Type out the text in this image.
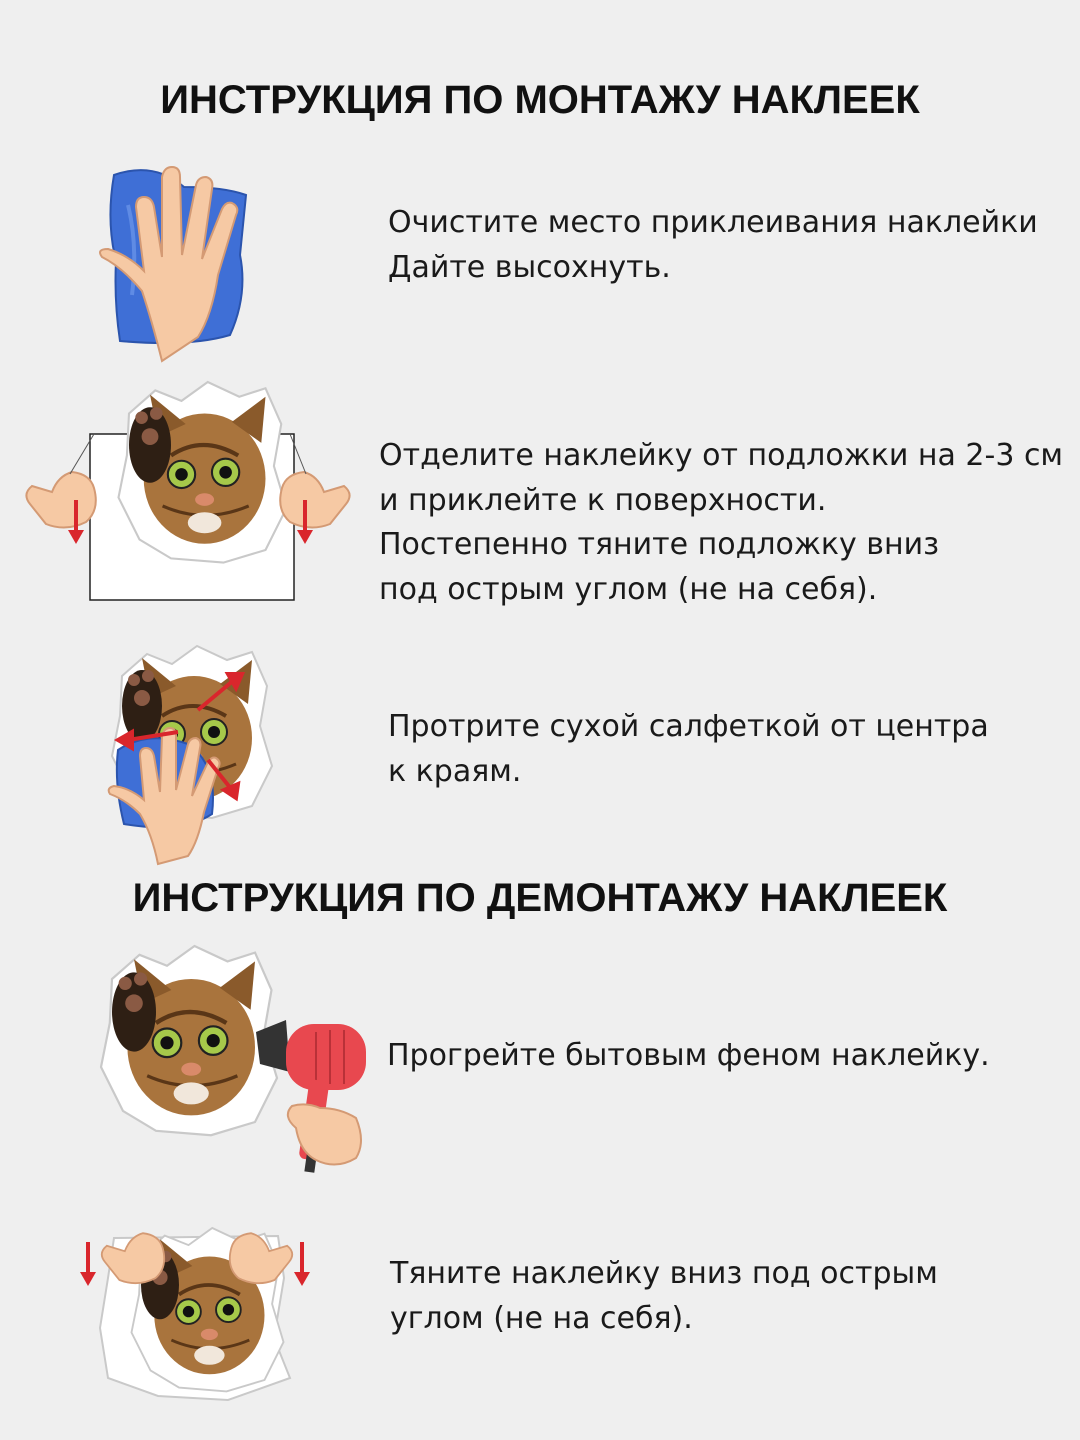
ИНСТРУКЦИЯ ПО МОНТАЖУ НАКЛЕЕК
Очистите место приклеивания наклейки
Дайте высохнуть.
Отделите наклейку от подложки на 2-3 см
и приклейте к поверхности.
Постепенно тяните подложку вниз
под острым углом (не на себя).
Протрите сухой салфеткой от центра
к краям.
ИНСТРУКЦИЯ ПО ДЕМОНТАЖУ НАКЛЕЕК
Прогрейте бытовым феном наклейку.
Тяните наклейку вниз под острым
углом (не на себя).
